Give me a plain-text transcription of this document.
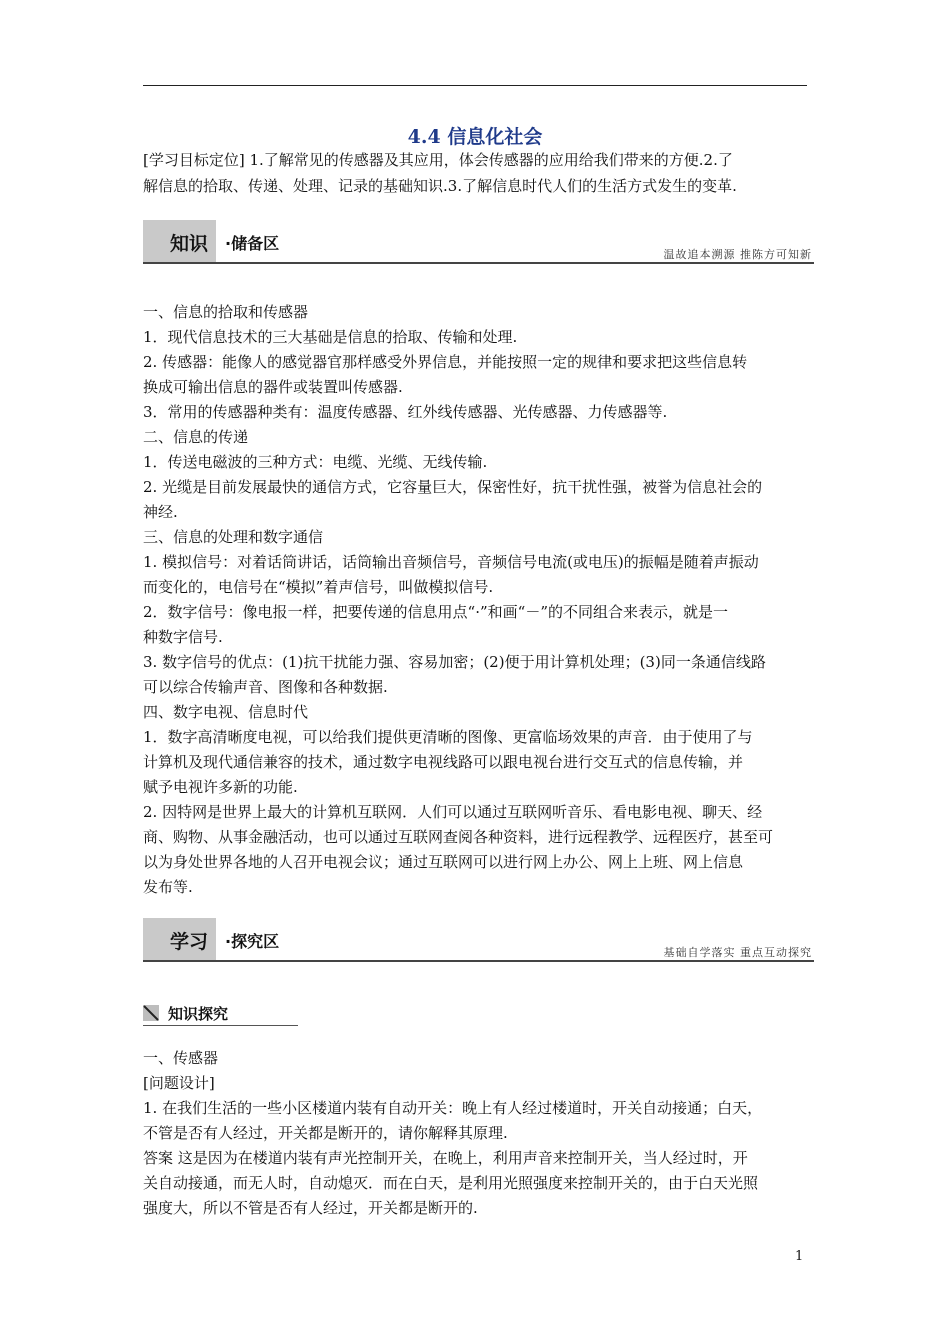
4.4 信息化社会
[学习目标定位] 1.了解常见的传感器及其应用，体会传感器的应用给我们带来的方便.2.了
解信息的拾取、传递、处理、记录的基础知识.3.了解信息时代人们的生活方式发生的变革.
知识 ·储备区
温故追本溯源 推陈方可知新
一、信息的拾取和传感器
1．现代信息技术的三大基础是信息的拾取、传输和处理.
2. 传感器：能像人的感觉器官那样感受外界信息，并能按照一定的规律和要求把这些信息转
换成可输出信息的器件或装置叫传感器.
3．常用的传感器种类有：温度传感器、红外线传感器、光传感器、力传感器等.
二、信息的传递
1．传送电磁波的三种方式：电缆、光缆、无线传输.
2. 光缆是目前发展最快的通信方式，它容量巨大，保密性好，抗干扰性强，被誉为信息社会的
神经.
三、信息的处理和数字通信
1. 模拟信号：对着话筒讲话，话筒输出音频信号，音频信号电流(或电压)的振幅是随着声振动
而变化的，电信号在“模拟”着声信号，叫做模拟信号.
2．数字信号：像电报一样，把要传递的信息用点“·”和画“－”的不同组合来表示，就是一
种数字信号.
3. 数字信号的优点：(1)抗干扰能力强、容易加密；(2)便于用计算机处理；(3)同一条通信线路
可以综合传输声音、图像和各种数据.
四、数字电视、信息时代
1．数字高清晰度电视，可以给我们提供更清晰的图像、更富临场效果的声音．由于使用了与
计算机及现代通信兼容的技术，通过数字电视线路可以跟电视台进行交互式的信息传输，并
赋予电视许多新的功能.
2. 因特网是世界上最大的计算机互联网．人们可以通过互联网听音乐、看电影电视、聊天、经
商、购物、从事金融活动，也可以通过互联网查阅各种资料，进行远程教学、远程医疗，甚至可
以为身处世界各地的人召开电视会议；通过互联网可以进行网上办公、网上上班、网上信息
发布等.
学习 ·探究区
基础自学落实 重点互动探究
知识探究
一、传感器
[问题设计]
1. 在我们生活的一些小区楼道内装有自动开关：晚上有人经过楼道时，开关自动接通；白天，
不管是否有人经过，开关都是断开的，请你解释其原理.
答案 这是因为在楼道内装有声光控制开关，在晚上，利用声音来控制开关，当人经过时，开
关自动接通，而无人时，自动熄灭．而在白天，是利用光照强度来控制开关的，由于白天光照
强度大，所以不管是否有人经过，开关都是断开的.
1
